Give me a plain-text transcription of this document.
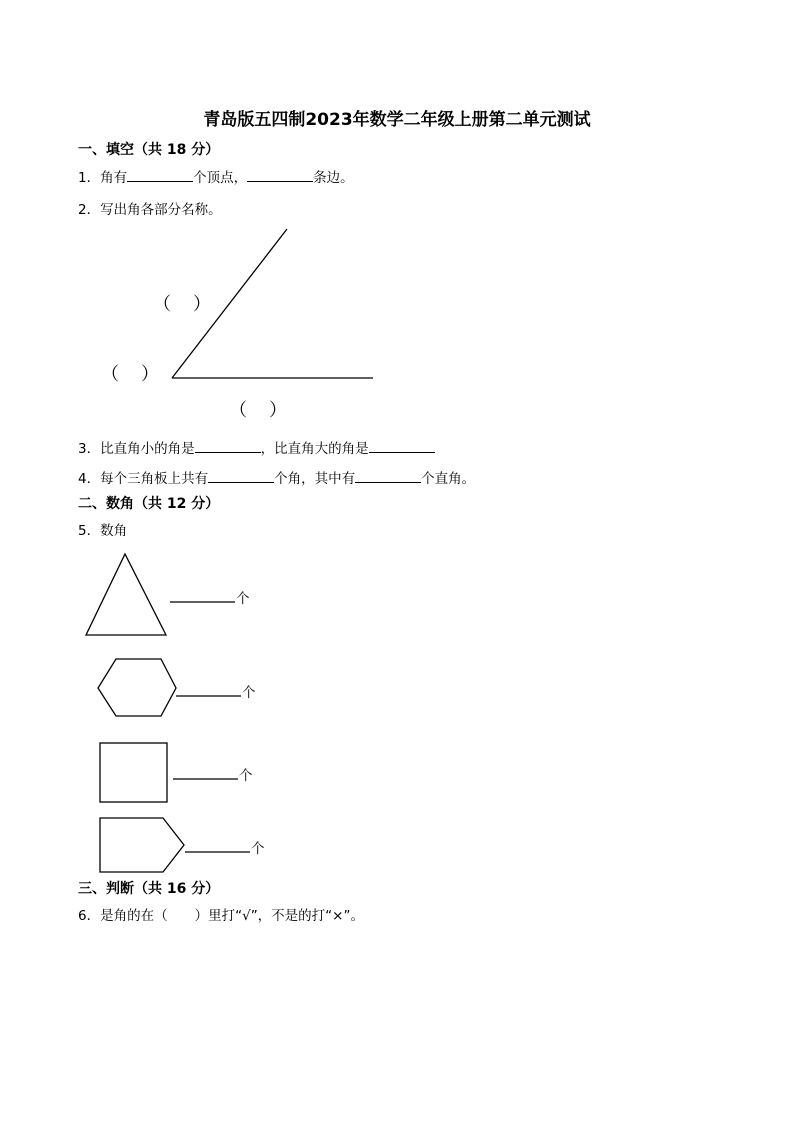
青岛版五四制2023年数学二年级上册第二单元测试
一、填空（共 18 分）
1．角有	个顶点，	条边。
2．写出角各部分名称。
（ ）
（ ）
（ ）
3．比直角小的角是	，比直角大的角是
4．每个三角板上共有	个角，其中有	个直角。
二、数角（共 12 分）
5．数角
个
个
个
个
三、判断（共 16 分）
6．是角的在（　　）里打“√”，不是的打“×”。
